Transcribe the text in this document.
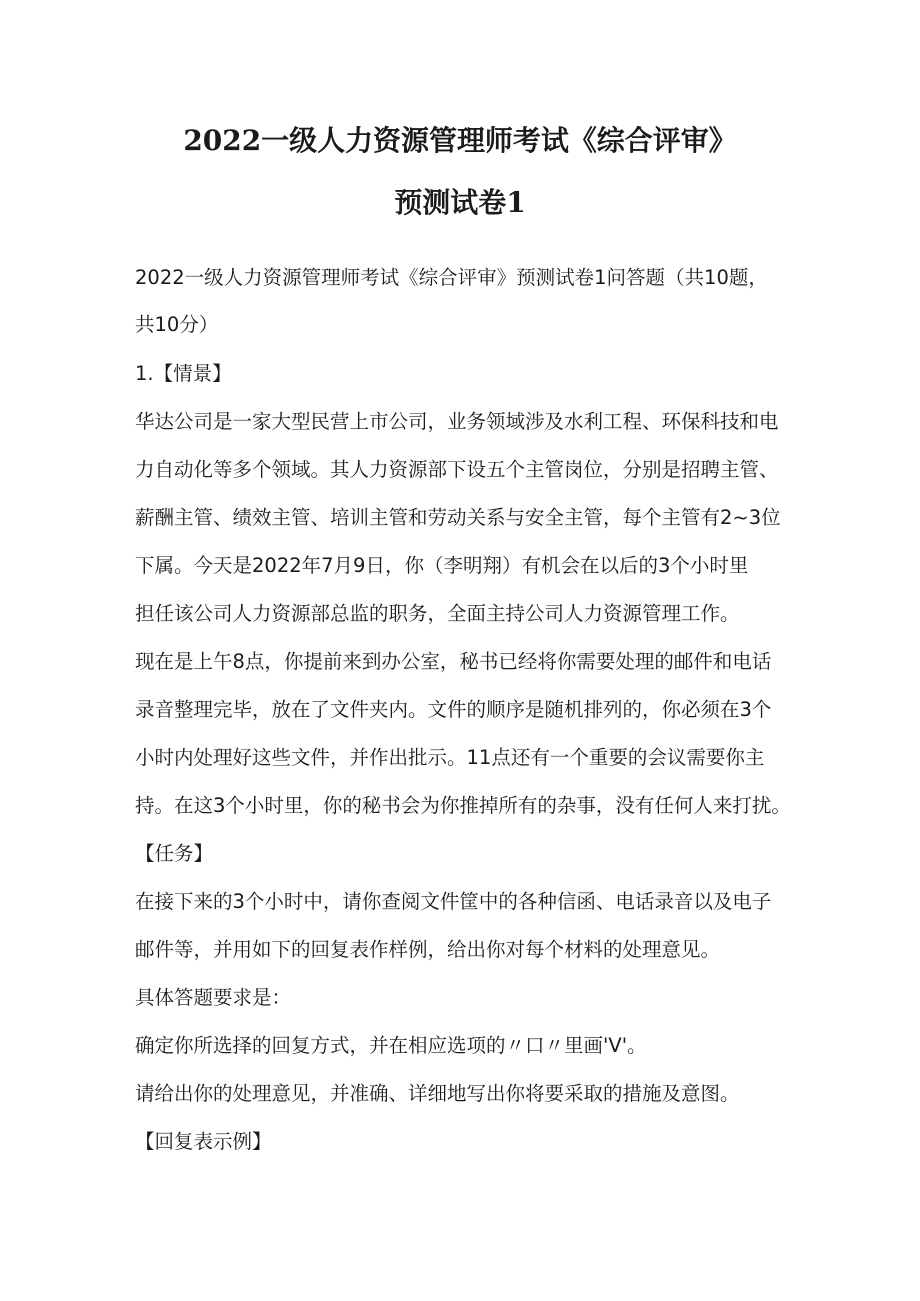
2022一级人力资源管理师考试《综合评审》
预测试卷1
2022一级人力资源管理师考试《综合评审》预测试卷1问答题（共10题，
共10分）
1.【情景】
华达公司是一家大型民营上市公司，业务领域涉及水利工程、环保科技和电
力自动化等多个领域。其人力资源部下设五个主管岗位，分别是招聘主管、
薪酬主管、绩效主管、培训主管和劳动关系与安全主管，每个主管有2~3位
下属。今天是2022年7月9日，你（李明翔）有机会在以后的3个小时里
担任该公司人力资源部总监的职务，全面主持公司人力资源管理工作。
现在是上午8点，你提前来到办公室，秘书已经将你需要处理的邮件和电话
录音整理完毕，放在了文件夹内。文件的顺序是随机排列的，你必须在3个
小时内处理好这些文件，并作出批示。11点还有一个重要的会议需要你主
持。在这3个小时里，你的秘书会为你推掉所有的杂事，没有任何人来打扰。
【任务】
在接下来的3个小时中，请你查阅文件筐中的各种信函、电话录音以及电子
邮件等，并用如下的回复表作样例，给出你对每个材料的处理意见。
具体答题要求是：
确定你所选择的回复方式，并在相应选项的〃口〃里画'V'。
请给出你的处理意见，并准确、详细地写出你将要采取的措施及意图。
【回复表示例】
